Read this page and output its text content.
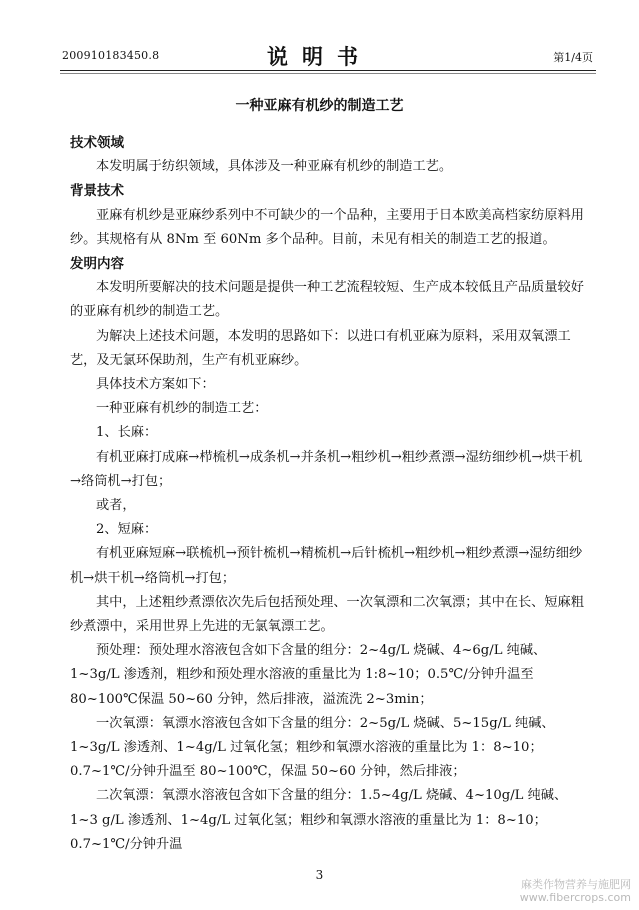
200910183450.8	说明书	第1/4页
一种亚麻有机纱的制造工艺

技术领域

本发明属于纺织领域，具体涉及一种亚麻有机纱的制造工艺。

背景技术

亚麻有机纱是亚麻纱系列中不可缺少的一个品种，主要用于日本欧美高档家纺原料用纱。其规格有从 8Nm 至 60Nm 多个品种。目前，未见有相关的制造工艺的报道。

发明内容

本发明所要解决的技术问题是提供一种工艺流程较短、生产成本较低且产品质量较好的亚麻有机纱的制造工艺。

为解决上述技术问题，本发明的思路如下：以进口有机亚麻为原料，采用双氧漂工艺，及无氯环保助剂，生产有机亚麻纱。

具体技术方案如下：

一种亚麻有机纱的制造工艺：

1、长麻：

有机亚麻打成麻→栉梳机→成条机→并条机→粗纱机→粗纱煮漂→湿纺细纱机→烘干机→络筒机→打包；

或者，

2、短麻：

有机亚麻短麻→联梳机→预针梳机→精梳机→后针梳机→粗纱机→粗纱煮漂→湿纺细纱机→烘干机→络筒机→打包；

其中，上述粗纱煮漂依次先后包括预处理、一次氧漂和二次氧漂；其中在长、短麻粗纱煮漂中，采用世界上先进的无氯氧漂工艺。

预处理：预处理水溶液包含如下含量的组分：2~4g/L 烧碱、4~6g/L 纯碱、1~3g/L 渗透剂，粗纱和预处理水溶液的重量比为 1:8~10；0.5℃/分钟升温至 80~100℃保温 50~60 分钟，然后排液，溢流洗 2~3min；

一次氧漂：氧漂水溶液包含如下含量的组分：2~5g/L 烧碱、5~15g/L 纯碱、1~3g/L 渗透剂、1~4g/L 过氧化氢；粗纱和氧漂水溶液的重量比为 1：8~10；0.7~1℃/分钟升温至 80~100℃，保温 50~60 分钟，然后排液；

二次氧漂：氧漂水溶液包含如下含量的组分：1.5~4g/L 烧碱、4~10g/L 纯碱、1~3 g/L 渗透剂、1~4g/L 过氧化氢；粗纱和氧漂水溶液的重量比为 1：8~10；0.7~1℃/分钟升温

3
麻类作物营养与施肥网
www.fibercrops.com
